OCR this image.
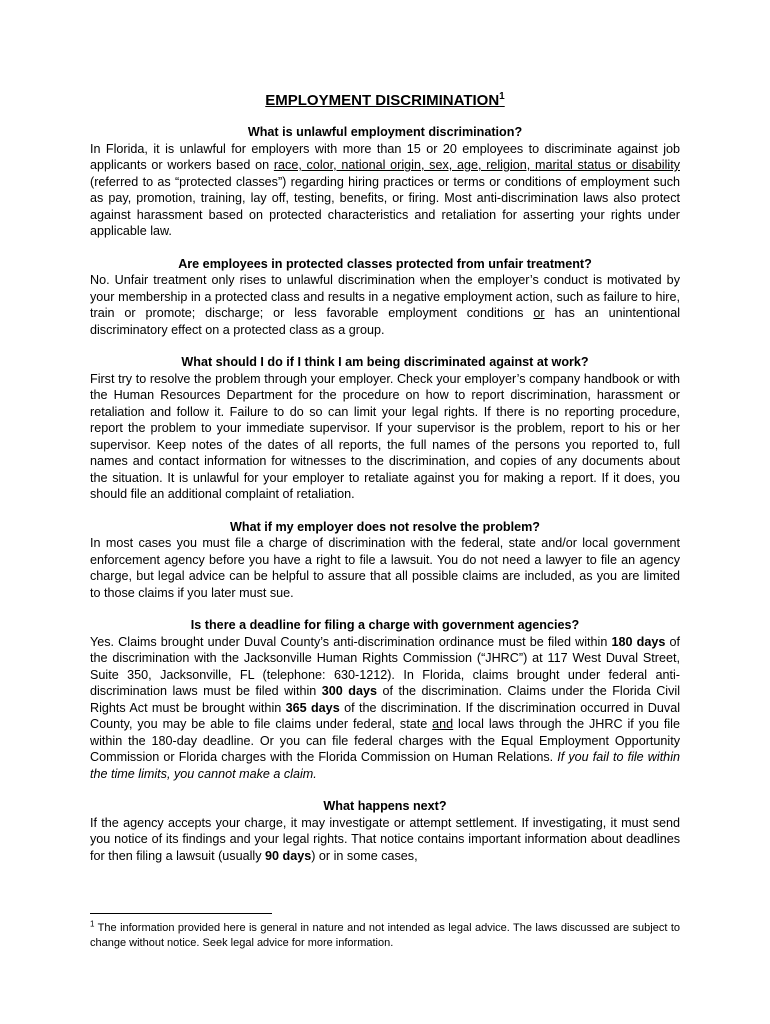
EMPLOYMENT DISCRIMINATION$^1$
What is unlawful employment discrimination?
In Florida, it is unlawful for employers with more than 15 or 20 employees to discriminate against job applicants or workers based on race, color, national origin, sex, age, religion, marital status or disability (referred to as “protected classes”) regarding hiring practices or terms or conditions of employment such as pay, promotion, training, lay off, testing, benefits, or firing. Most anti-discrimination laws also protect against harassment based on protected characteristics and retaliation for asserting your rights under applicable law.
Are employees in protected classes protected from unfair treatment?
No. Unfair treatment only rises to unlawful discrimination when the employer’s conduct is motivated by your membership in a protected class and results in a negative employment action, such as failure to hire, train or promote; discharge; or less favorable employment conditions or has an unintentional discriminatory effect on a protected class as a group.
What should I do if I think I am being discriminated against at work?
First try to resolve the problem through your employer. Check your employer’s company handbook or with the Human Resources Department for the procedure on how to report discrimination, harassment or retaliation and follow it. Failure to do so can limit your legal rights. If there is no reporting procedure, report the problem to your immediate supervisor. If your supervisor is the problem, report to his or her supervisor. Keep notes of the dates of all reports, the full names of the persons you reported to, full names and contact information for witnesses to the discrimination, and copies of any documents about the situation. It is unlawful for your employer to retaliate against you for making a report. If it does, you should file an additional complaint of retaliation.
What if my employer does not resolve the problem?
In most cases you must file a charge of discrimination with the federal, state and/or local government enforcement agency before you have a right to file a lawsuit. You do not need a lawyer to file an agency charge, but legal advice can be helpful to assure that all possible claims are included, as you are limited to those claims if you later must sue.
Is there a deadline for filing a charge with government agencies?
Yes. Claims brought under Duval County’s anti-discrimination ordinance must be filed within 180 days of the discrimination with the Jacksonville Human Rights Commission (“JHRC”) at 117 West Duval Street, Suite 350, Jacksonville, FL (telephone: 630-1212). In Florida, claims brought under federal anti-discrimination laws must be filed within 300 days of the discrimination. Claims under the Florida Civil Rights Act must be brought within 365 days of the discrimination. If the discrimination occurred in Duval County, you may be able to file claims under federal, state and local laws through the JHRC if you file within the 180-day deadline. Or you can file federal charges with the Equal Employment Opportunity Commission or Florida charges with the Florida Commission on Human Relations. If you fail to file within the time limits, you cannot make a claim.
What happens next?
If the agency accepts your charge, it may investigate or attempt settlement. If investigating, it must send you notice of its findings and your legal rights. That notice contains important information about deadlines for then filing a lawsuit (usually 90 days) or in some cases,
$^1$ The information provided here is general in nature and not intended as legal advice. The laws discussed are subject to change without notice. Seek legal advice for more information.
